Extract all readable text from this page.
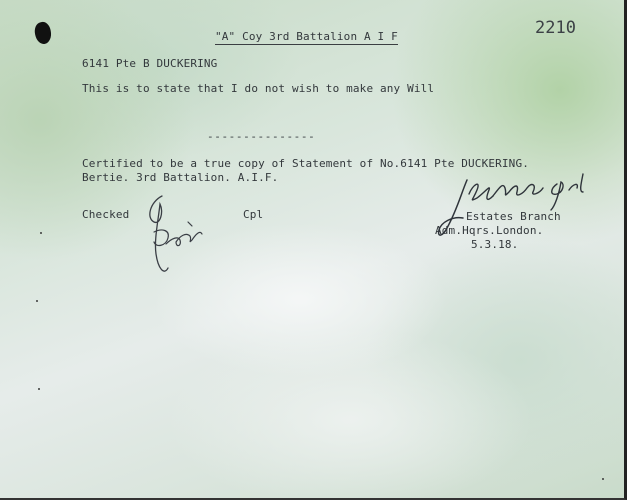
"A" Coy 3rd Battalion A I F	2210
6141 Pte B DUCKERING
This is to state that I do not wish to make any Will
---------------
Certified to be a true copy of Statement of No.6141 Pte DUCKERING.
Bertie. 3rd Battalion. A.I.F.
Checked	Cpl	Estates Branch
Adm.Hqrs.London.
5.3.18.
